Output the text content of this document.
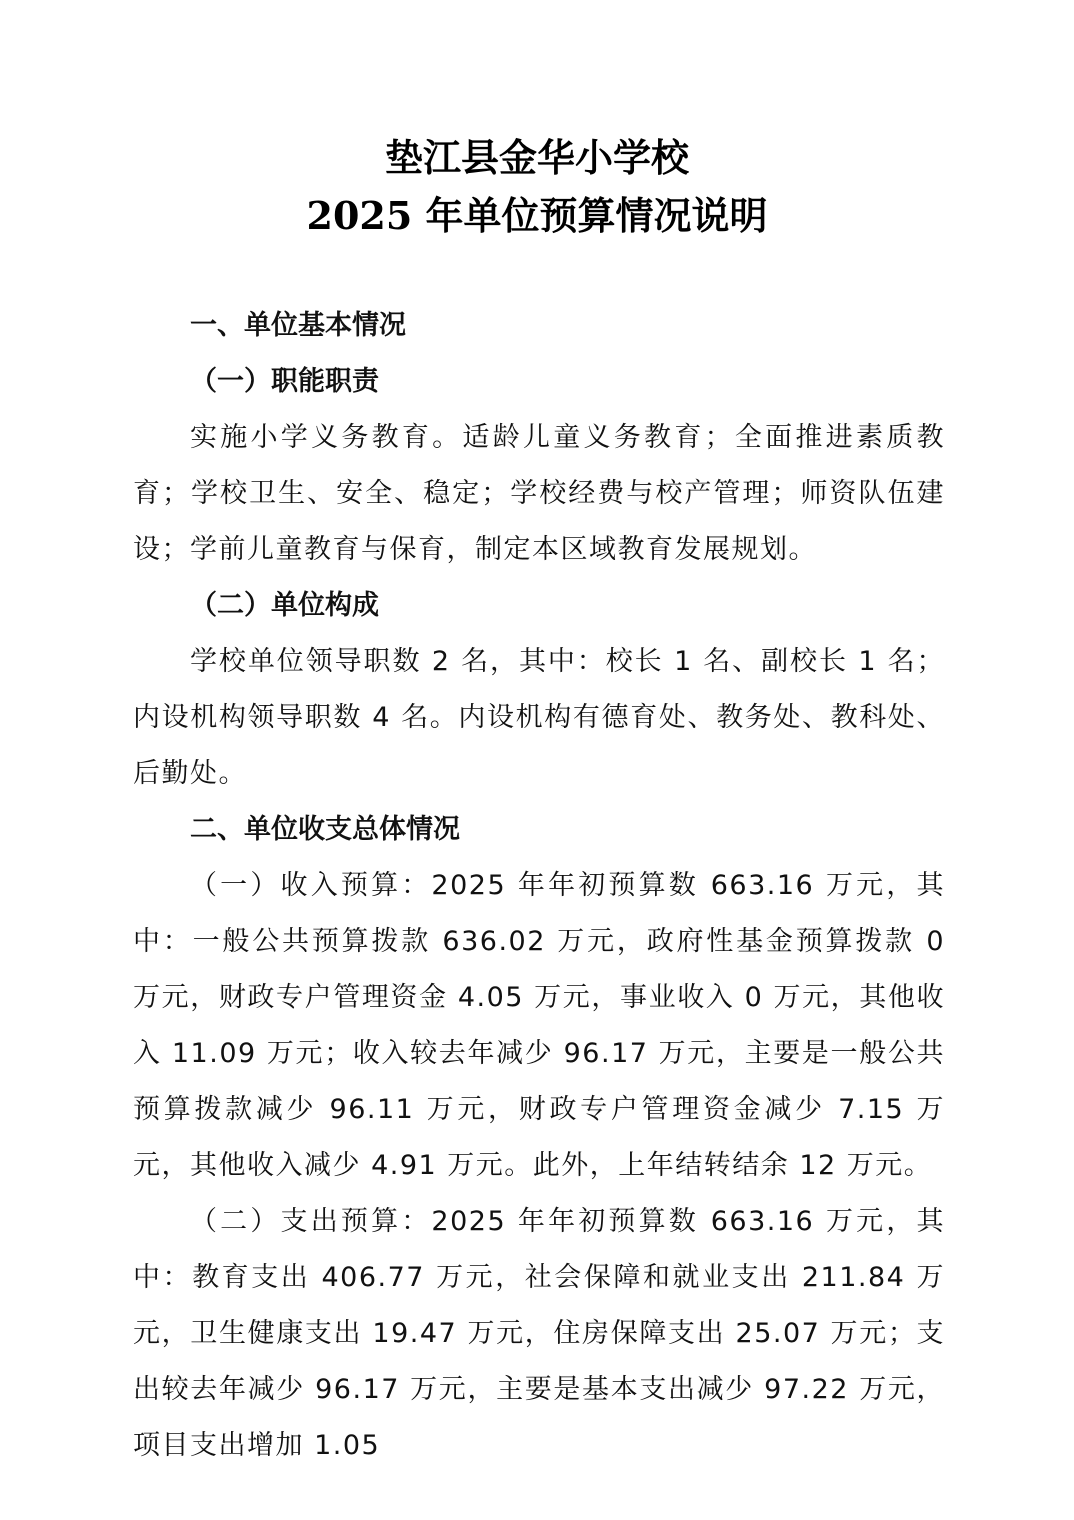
垫江县金华小学校
2025 年单位预算情况说明

一、单位基本情况

（一）职能职责

实施小学义务教育。适龄儿童义务教育；全面推进素质教育；学校卫生、安全、稳定；学校经费与校产管理；师资队伍建设；学前儿童教育与保育，制定本区域教育发展规划。

（二）单位构成

学校单位领导职数 2 名，其中：校长 1 名、副校长 1 名；内设机构领导职数 4 名。内设机构有德育处、教务处、教科处、后勤处。

二、单位收支总体情况

（一）收入预算：2025 年年初预算数 663.16 万元，其中：一般公共预算拨款 636.02 万元，政府性基金预算拨款 0 万元，财政专户管理资金 4.05 万元，事业收入 0 万元，其他收入 11.09 万元；收入较去年减少 96.17 万元，主要是一般公共预算拨款减少 96.11 万元，财政专户管理资金减少 7.15 万元，其他收入减少 4.91 万元。此外，上年结转结余 12 万元。

（二）支出预算：2025 年年初预算数 663.16 万元，其中：教育支出 406.77 万元，社会保障和就业支出 211.84 万元，卫生健康支出 19.47 万元，住房保障支出 25.07 万元；支出较去年减少 96.17 万元，主要是基本支出减少 97.22 万元，项目支出增加 1.05
